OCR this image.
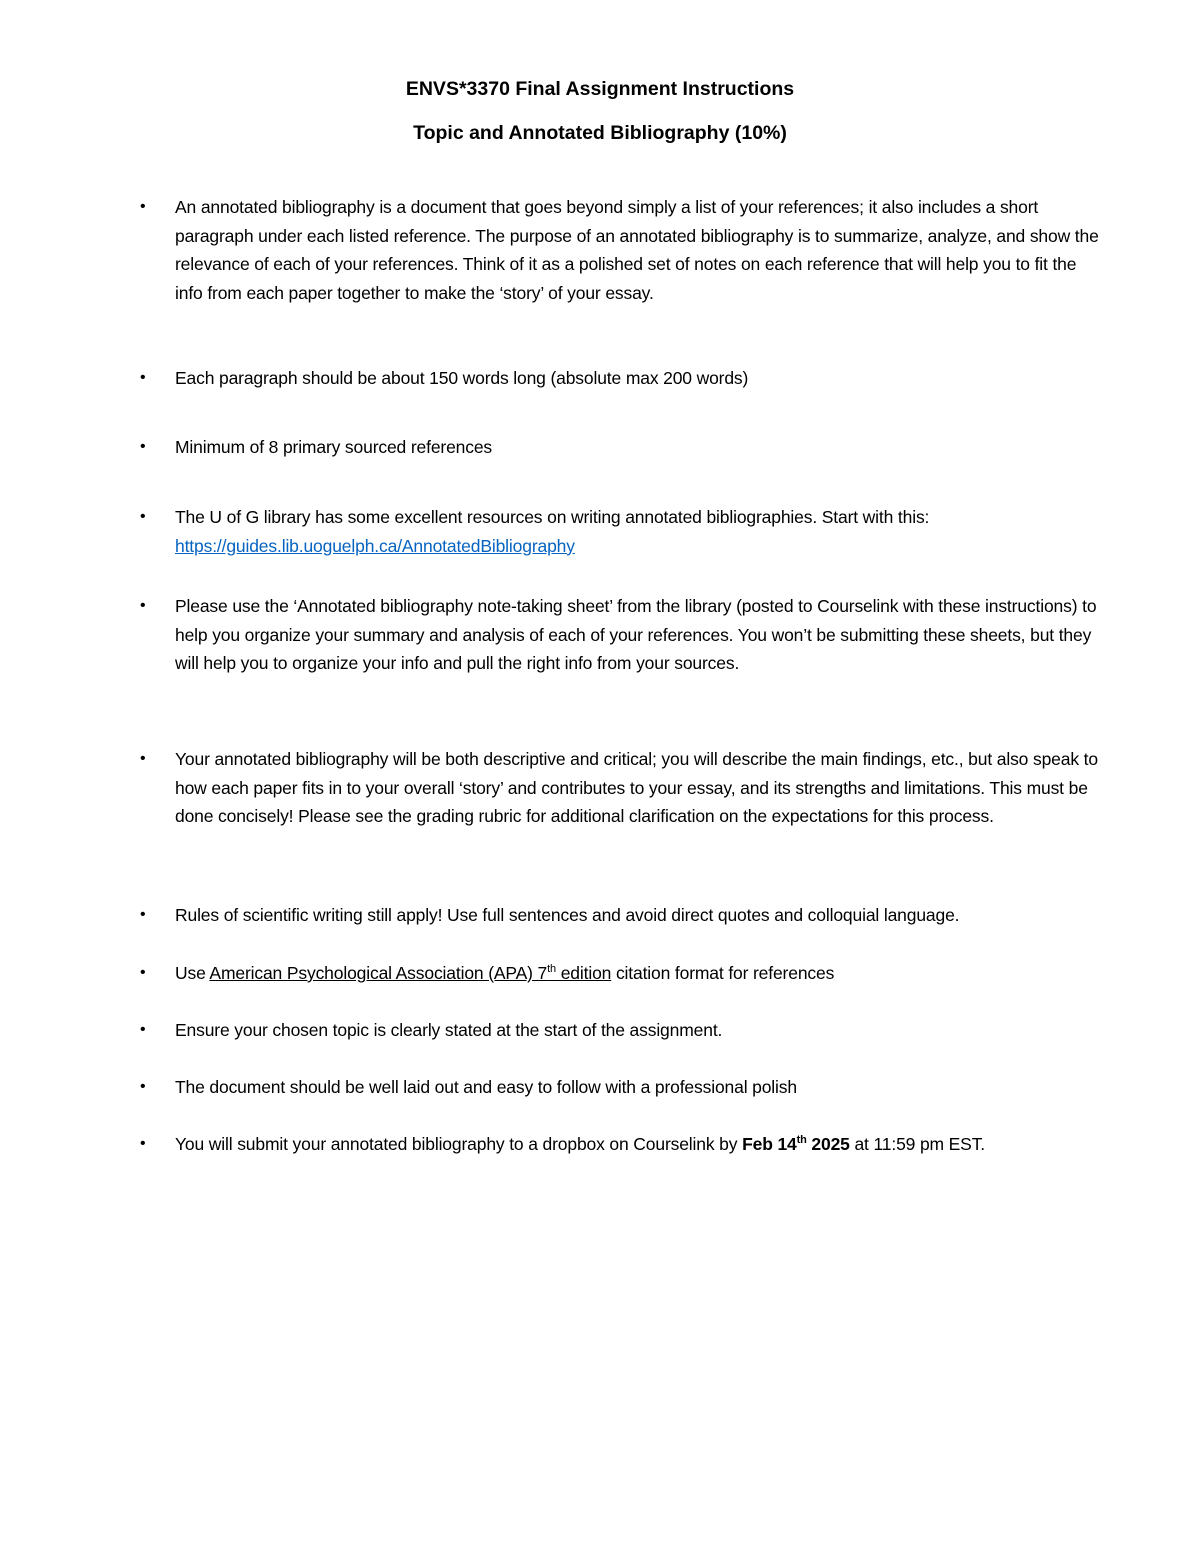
ENVS*3370 Final Assignment Instructions
Topic and Annotated Bibliography (10%)
• An annotated bibliography is a document that goes beyond simply a list of your references; it also includes a short paragraph under each listed reference. The purpose of an annotated bibliography is to summarize, analyze, and show the relevance of each of your references. Think of it as a polished set of notes on each reference that will help you to fit the info from each paper together to make the ‘story’ of your essay.

• Each paragraph should be about 150 words long (absolute max 200 words)

• Minimum of 8 primary sourced references

• The U of G library has some excellent resources on writing annotated bibliographies. Start with this:
https://guides.lib.uoguelph.ca/AnnotatedBibliography

• Please use the ‘Annotated bibliography note-taking sheet’ from the library (posted to Courselink with these instructions) to help you organize your summary and analysis of each of your references. You won’t be submitting these sheets, but they will help you to organize your info and pull the right info from your sources.

• Your annotated bibliography will be both descriptive and critical; you will describe the main findings, etc., but also speak to how each paper fits in to your overall ‘story’ and contributes to your essay, and its strengths and limitations. This must be done concisely! Please see the grading rubric for additional clarification on the expectations for this process.

• Rules of scientific writing still apply! Use full sentences and avoid direct quotes and colloquial language.

• Use American Psychological Association (APA) 7th edition citation format for references

• Ensure your chosen topic is clearly stated at the start of the assignment.

• The document should be well laid out and easy to follow with a professional polish

• You will submit your annotated bibliography to a dropbox on Courselink by Feb 14th 2025 at 11:59 pm EST.
